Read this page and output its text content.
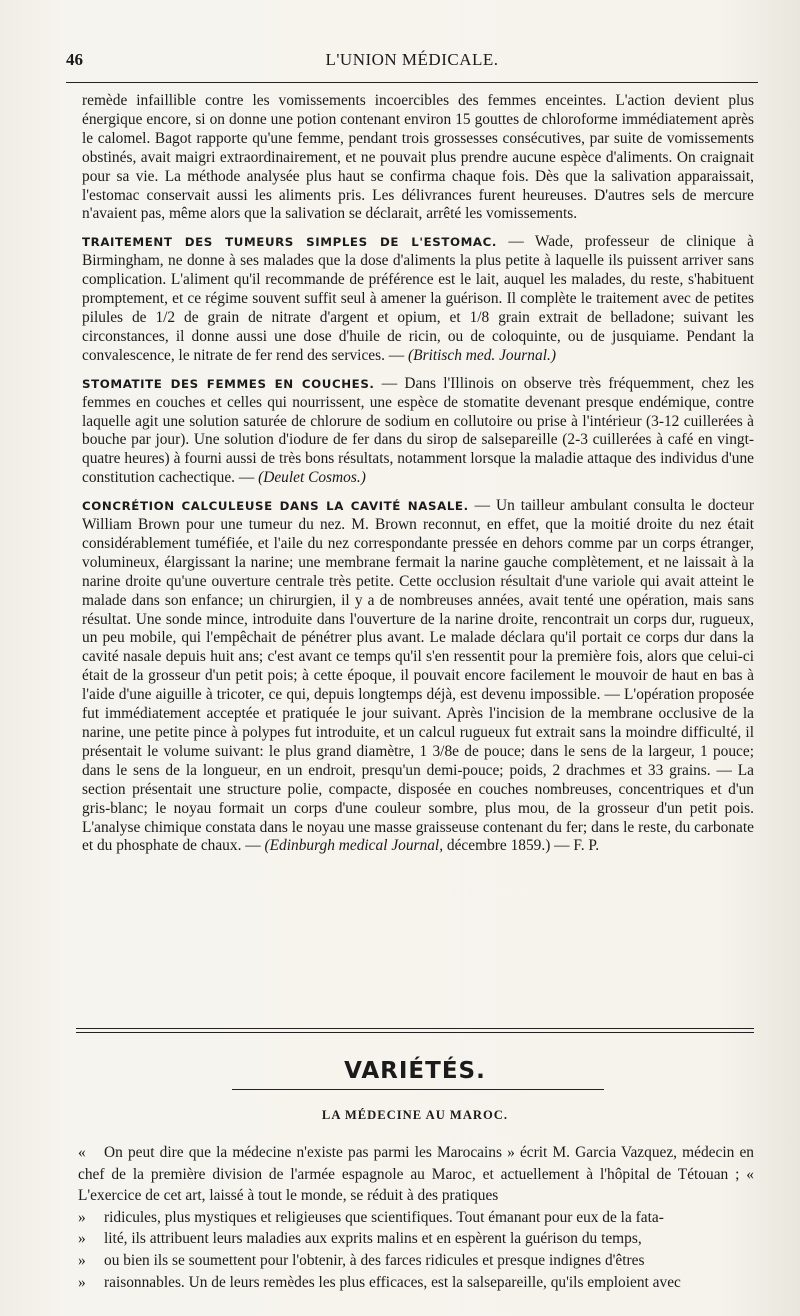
46	L'UNION MÉDICALE.

remède infaillible contre les vomissements incoercibles des femmes enceintes. L'action devient plus énergique encore, si on donne une potion contenant environ 15 gouttes de chloroforme immédiatement après le calomel. Bagot rapporte qu'une femme, pendant trois grossesses consécutives, par suite de vomissements obstinés, avait maigri extraordinairement, et ne pouvait plus prendre aucune espèce d'aliments. On craignait pour sa vie. La méthode analysée plus haut se confirma chaque fois. Dès que la salivation apparaissait, l'estomac conservait aussi les aliments pris. Les délivrances furent heureuses. D'autres sels de mercure n'avaient pas, même alors que la salivation se déclarait, arrêté les vomissements.

TRAITEMENT DES TUMEURS SIMPLES DE L'ESTOMAC. — Wade, professeur de clinique à Birmingham, ne donne à ses malades que la dose d'aliments la plus petite à laquelle ils puissent arriver sans complication. L'aliment qu'il recommande de préférence est le lait, auquel les malades, du reste, s'habituent promptement, et ce régime souvent suffit seul à amener la guérison. Il complète le traitement avec de petites pilules de 1/2 de grain de nitrate d'argent et opium, et 1/8 grain extrait de belladone; suivant les circonstances, il donne aussi une dose d'huile de ricin, ou de coloquinte, ou de jusquiame. Pendant la convalescence, le nitrate de fer rend des services. — (Britisch med. Journal.)

STOMATITE DES FEMMES EN COUCHES. — Dans l'Illinois on observe très fréquemment, chez les femmes en couches et celles qui nourrissent, une espèce de stomatite devenant presque endémique, contre laquelle agit une solution saturée de chlorure de sodium en collutoire ou prise à l'intérieur (3-12 cuillerées à bouche par jour). Une solution d'iodure de fer dans du sirop de salsepareille (2-3 cuillerées à café en vingt-quatre heures) à fourni aussi de très bons résultats, notamment lorsque la maladie attaque des individus d'une constitution cachectique. — (Deulet Cosmos.)

CONCRÉTION CALCULEUSE DANS LA CAVITÉ NASALE. — Un tailleur ambulant consulta le docteur William Brown pour une tumeur du nez. M. Brown reconnut, en effet, que la moitié droite du nez était considérablement tuméfiée, et l'aile du nez correspondante pressée en dehors comme par un corps étranger, volumineux, élargissant la narine; une membrane fermait la narine gauche complètement, et ne laissait à la narine droite qu'une ouverture centrale très petite. Cette occlusion résultait d'une variole qui avait atteint le malade dans son enfance; un chirurgien, il y a de nombreuses années, avait tenté une opération, mais sans résultat. Une sonde mince, introduite dans l'ouverture de la narine droite, rencontrait un corps dur, rugueux, un peu mobile, qui l'empêchait de pénétrer plus avant. Le malade déclara qu'il portait ce corps dur dans la cavité nasale depuis huit ans; c'est avant ce temps qu'il s'en ressentit pour la première fois, alors que celui-ci était de la grosseur d'un petit pois; à cette époque, il pouvait encore facilement le mouvoir de haut en bas à l'aide d'une aiguille à tricoter, ce qui, depuis longtemps déjà, est devenu impossible. — L'opération proposée fut immédiatement acceptée et pratiquée le jour suivant. Après l'incision de la membrane occlusive de la narine, une petite pince à polypes fut introduite, et un calcul rugueux fut extrait sans la moindre difficulté, il présentait le volume suivant: le plus grand diamètre, 1 3/8e de pouce; dans le sens de la largeur, 1 pouce; dans le sens de la longueur, en un endroit, presqu'un demi-pouce; poids, 2 drachmes et 33 grains. — La section présentait une structure polie, compacte, disposée en couches nombreuses, concentriques et d'un gris-blanc; le noyau formait un corps d'une couleur sombre, plus mou, de la grosseur d'un petit pois. L'analyse chimique constata dans le noyau une masse graisseuse contenant du fer; dans le reste, du carbonate et du phosphate de chaux. — (Edinburgh medical Journal, décembre 1859.) — F. P.

VARIÉTÉS.
LA MÉDECINE AU MAROC.

« On peut dire que la médecine n'existe pas parmi les Marocains » écrit M. Garcia Vazquez, médecin en chef de la première division de l'armée espagnole au Maroc, et actuellement à l'hôpital de Tétouan ; « L'exercice de cet art, laissé à tout le monde, se réduit à des pratiques

» ridicules, plus mystiques et religieuses que scientifiques. Tout émanant pour eux de la fata-

» lité, ils attribuent leurs maladies aux exprits malins et en espèrent la guérison du temps,

» ou bien ils se soumettent pour l'obtenir, à des farces ridicules et presque indignes d'êtres

» raisonnables. Un de leurs remèdes les plus efficaces, est la salsepareille, qu'ils emploient avec
